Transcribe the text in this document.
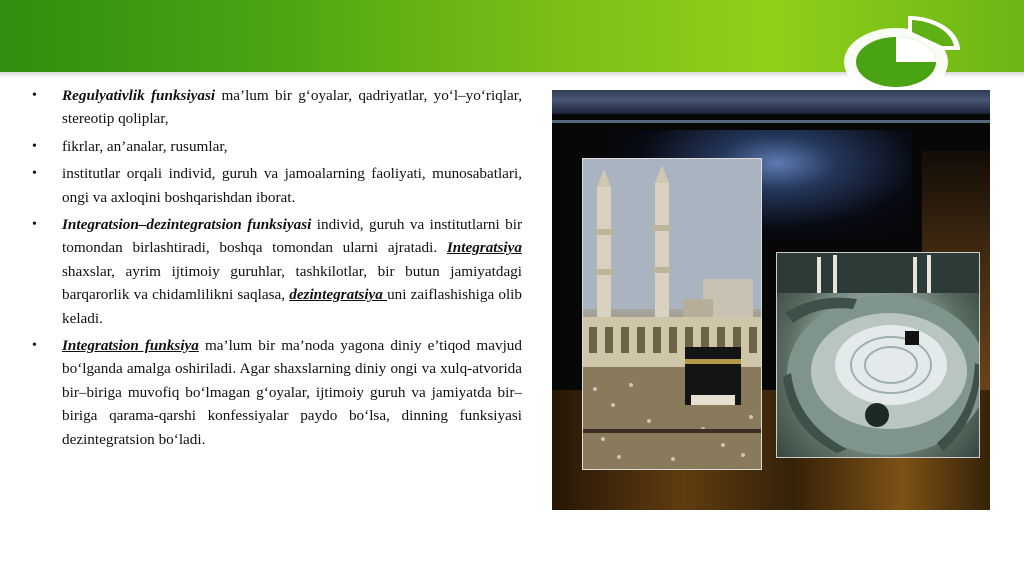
• Regulyativlik funksiyasi ma’lum bir g‘oyalar, qadriyatlar, yo‘l–yo‘riqlar, stereotip qoliplar,
• fikrlar, an’analar, rusumlar,
• institutlar orqali individ, guruh va jamoalarning faoliyati, munosabatlari, ongi va axloqini boshqarishdan iborat.
• Integratsion–dezintegratsion funksiyasi individ, guruh va institutlarni bir tomondan birlashtiradi, boshqa tomondan ularni ajratadi. Integratsiya shaxslar, ayrim ijtimoiy guruhlar, tashkilotlar, bir butun jamiyatdagi barqarorlik va chidamlilikni saqlasa, dezintegratsiya uni zaiflashishiga olib keladi.
• Integratsion funksiya ma’lum bir ma’noda yagona diniy e’tiqod mavjud bo‘lganda amalga oshiriladi. Agar shaxslarning diniy ongi va xulq-atvorida bir–biriga muvofiq bo‘lmagan g‘oyalar, ijtimoiy guruh va jamiyatda bir–biriga qarama-qarshi konfessiyalar paydo bo‘lsa, dinning funksiyasi dezintegratsion bo‘ladi.
